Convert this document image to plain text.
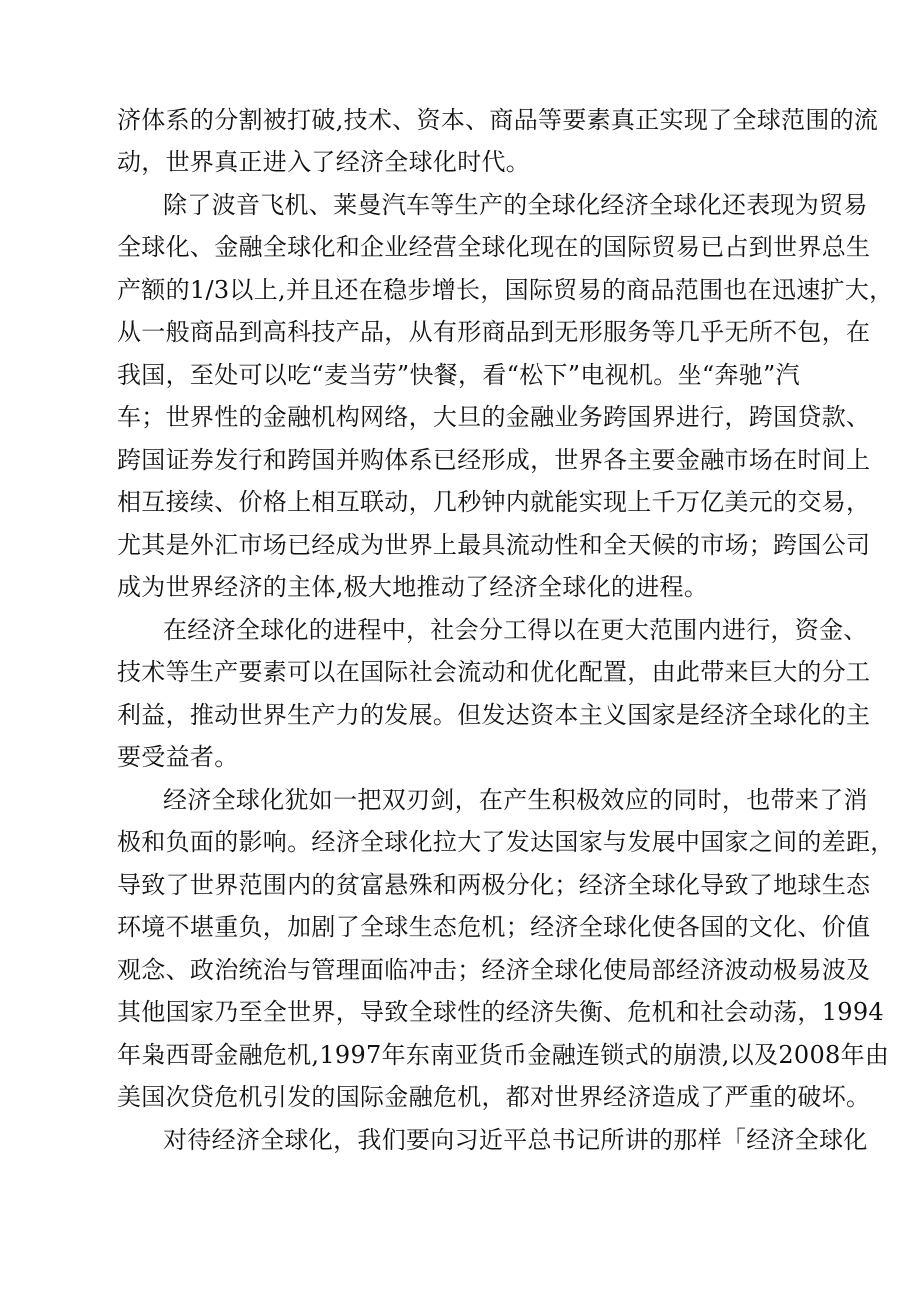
济体系的分割被打破,技术、资本、商品等要素真正实现了全球范围的流

动，世界真正进入了经济全球化时代。

除了波音飞机、莱曼汽车等生产的全球化经济全球化还表现为贸易

全球化、金融全球化和企业经营全球化现在的国际贸易已占到世界总生

产额的1/3以上,并且还在稳步增长，国际贸易的商品范围也在迅速扩大，

从一般商品到高科技产品，从有形商品到无形服务等几乎无所不包，在

我国，至处可以吃“麦当劳”快餐，看“松下”电视机。坐“奔驰”汽

车；世界性的金融机构网络，大旦的金融业务跨国界进行，跨国贷款、

跨国证券发行和跨国并购体系已经形成，世界各主要金融市场在时间上

相互接续、价格上相互联动，几秒钟内就能实现上千万亿美元的交易，

尤其是外汇市场已经成为世界上最具流动性和全天候的市场；跨国公司

成为世界经济的主体,极大地推动了经济全球化的进程。

在经济全球化的进程中，社会分工得以在更大范围内进行，资金、

技术等生产要素可以在国际社会流动和优化配置，由此带来巨大的分工

利益，推动世界生产力的发展。但发达资本主义国家是经济全球化的主

要受益者。

经济全球化犹如一把双刃剑，在产生积极效应的同时，也带来了消

极和负面的影响。经济全球化拉大了发达国家与发展中国家之间的差距，

导致了世界范围内的贫富悬殊和两极分化；经济全球化导致了地球生态

环境不堪重负，加剧了全球生态危机；经济全球化使各国的文化、价值

观念、政治统治与管理面临冲击；经济全球化使局部经济波动极易波及

其他国家乃至全世界，导致全球性的经济失衡、危机和社会动荡，1994

年枭西哥金融危机,1997年东南亚货币金融连锁式的崩溃,以及2008年由

美国次贷危机引发的国际金融危机，都对世界经济造成了严重的破坏。

对待经济全球化，我们要向习近平总书记所讲的那样「经济全球化
